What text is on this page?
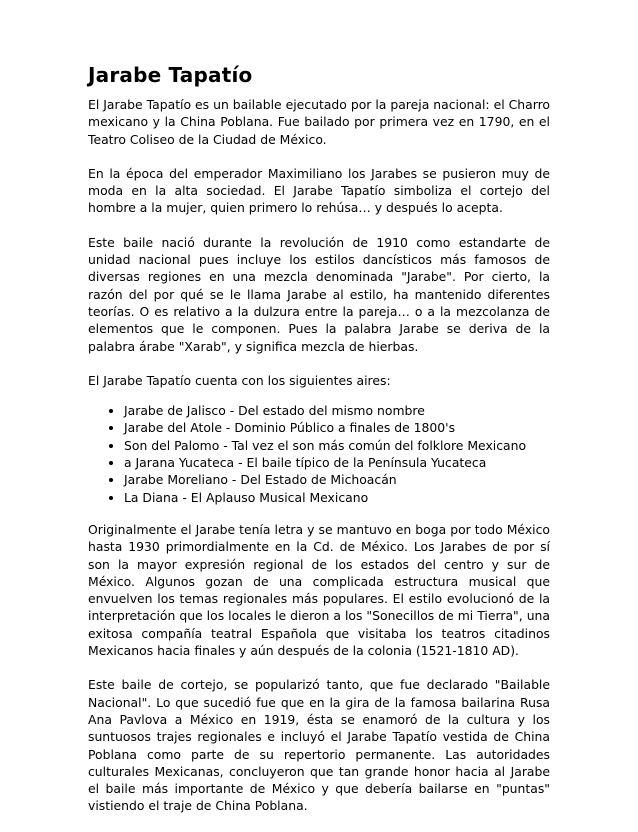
Jarabe Tapatío

El Jarabe Tapatío es un bailable ejecutado por la pareja nacional: el Charro mexicano y la China Poblana. Fue bailado por primera vez en 1790, en el Teatro Coliseo de la Ciudad de México.

En la época del emperador Maximiliano los Jarabes se pusieron muy de moda en la alta sociedad. El Jarabe Tapatío simboliza el cortejo del hombre a la mujer, quien primero lo rehúsa… y después lo acepta.

Este baile nació durante la revolución de 1910 como estandarte de unidad nacional pues incluye los estilos dancísticos más famosos de diversas regiones en una mezcla denominada "Jarabe". Por cierto, la razón del por qué se le llama Jarabe al estilo, ha mantenido diferentes teorías. O es relativo a la dulzura entre la pareja… o a la mezcolanza de elementos que le componen. Pues la palabra Jarabe se deriva de la palabra árabe "Xarab", y significa mezcla de hierbas.

El Jarabe Tapatío cuenta con los siguientes aires:

• Jarabe de Jalisco - Del estado del mismo nombre
• Jarabe del Atole - Dominio Público a finales de 1800's
• Son del Palomo - Tal vez el son más común del folklore Mexicano
• a Jarana Yucateca - El baile típico de la Península Yucateca
• Jarabe Moreliano - Del Estado de Michoacán
• La Diana - El Aplauso Musical Mexicano

Originalmente el Jarabe tenía letra y se mantuvo en boga por todo México hasta 1930 primordialmente en la Cd. de México. Los Jarabes de por sí son la mayor expresión regional de los estados del centro y sur de México. Algunos gozan de una complicada estructura musical que envuelven los temas regionales más populares. El estilo evolucionó de la interpretación que los locales le dieron a los "Sonecillos de mi Tierra", una exitosa compañía teatral Española que visitaba los teatros citadinos Mexicanos hacia finales y aún después de la colonia (1521-1810 AD).

Este baile de cortejo, se popularizó tanto, que fue declarado "Bailable Nacional". Lo que sucedió fue que en la gira de la famosa bailarina Rusa Ana Pavlova a México en 1919, ésta se enamoró de la cultura y los suntuosos trajes regionales e incluyó el Jarabe Tapatío vestida de China Poblana como parte de su repertorio permanente. Las autoridades culturales Mexicanas, concluyeron que tan grande honor hacia al Jarabe el baile más importante de México y que debería bailarse en "puntas" vistiendo el traje de China Poblana.
